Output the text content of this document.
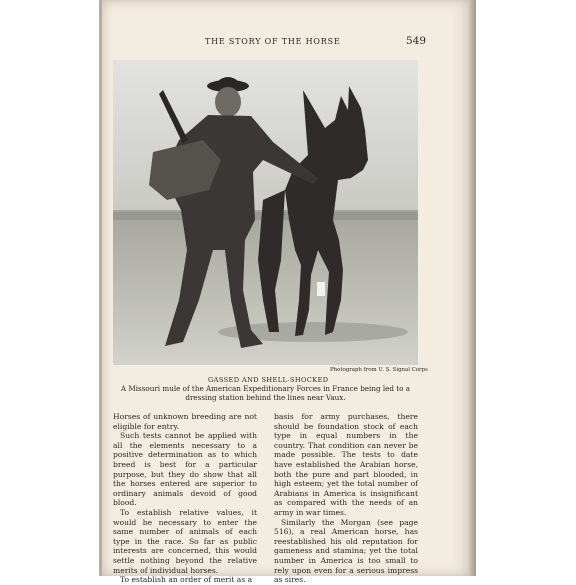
THE STORY OF THE HORSE	549
Photograph from U. S. Signal Corps
GASSED AND SHELL-SHOCKED
A Missouri mule of the American Expeditionary Forces in France being led to a dressing station behind the lines near Vaux.

Horses of unknown breeding are not eligible for entry.

Such tests cannot be applied with all the elements necessary to a positive determination as to which breed is best for a particular purpose, but they do show that all the horses entered are superior to ordinary animals devoid of good blood.

To establish relative values, it would be necessary to enter the same number of animals of each type in the race. So far as public interests are concerned, this would settle nothing beyond the relative merits of individual horses.

To establish an order of merit as a

basis for army purchases, there should be foundation stock of each type in equal numbers in the country. That condition can never be made possible. The tests to date have established the Arabian horse, both the pure and part blooded, in high esteem; yet the total number of Arabians in America is insignificant as compared with the needs of an army in war times.

Similarly the Morgan (see page 516), a real American horse, has reestablished his old reputation for gameness and stamina; yet the total number in America is too small to rely upon even for a serious impress as sires.
